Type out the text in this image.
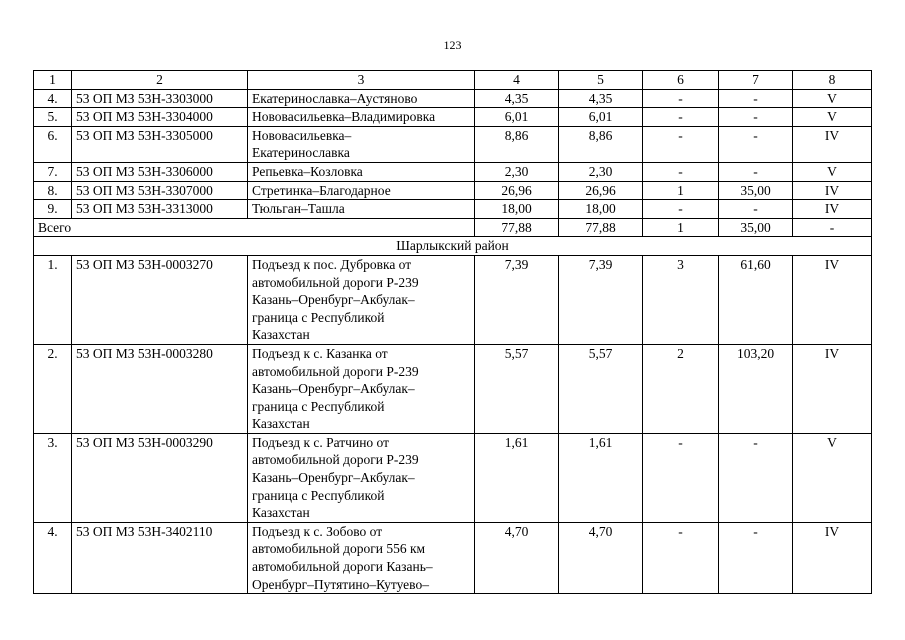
123
1	2	3	4	5	6	7	8
4.	53 ОП МЗ 53Н-3303000	Екатеринославка–Аустяново	4,35	4,35	-	-	V
5.	53 ОП МЗ 53Н-3304000	Нововасильевка–Владимировка	6,01	6,01	-	-	V
6.	53 ОП МЗ 53Н-3305000	Нововасильевка–
Екатеринославка	8,86	8,86	-	-	IV
7.	53 ОП МЗ 53Н-3306000	Репьевка–Козловка	2,30	2,30	-	-	V
8.	53 ОП МЗ 53Н-3307000	Стретинка–Благодарное	26,96	26,96	1	35,00	IV
9.	53 ОП МЗ 53Н-3313000	Тюльган–Ташла	18,00	18,00	-	-	IV
Всего			77,88	77,88	1	35,00	-
Шарлыкский район							
1.	53 ОП МЗ 53Н-0003270	Подъезд к пос. Дубровка от
автомобильной дороги Р-239
Казань–Оренбург–Акбулак–
граница с Республикой
Казахстан	7,39	7,39	3	61,60	IV
2.	53 ОП МЗ 53Н-0003280	Подъезд к с. Казанка от
автомобильной дороги Р-239
Казань–Оренбург–Акбулак–
граница с Республикой
Казахстан	5,57	5,57	2	103,20	IV
3.	53 ОП МЗ 53Н-0003290	Подъезд к с. Ратчино от
автомобильной дороги Р-239
Казань–Оренбург–Акбулак–
граница с Республикой
Казахстан	1,61	1,61	-	-	V
4.	53 ОП МЗ 53Н-3402110	Подъезд к с. Зобово от
автомобильной дороги 556 км
автомобильной дороги Казань–
Оренбург–Путятино–Кутуево–	4,70	4,70	-	-	IV
